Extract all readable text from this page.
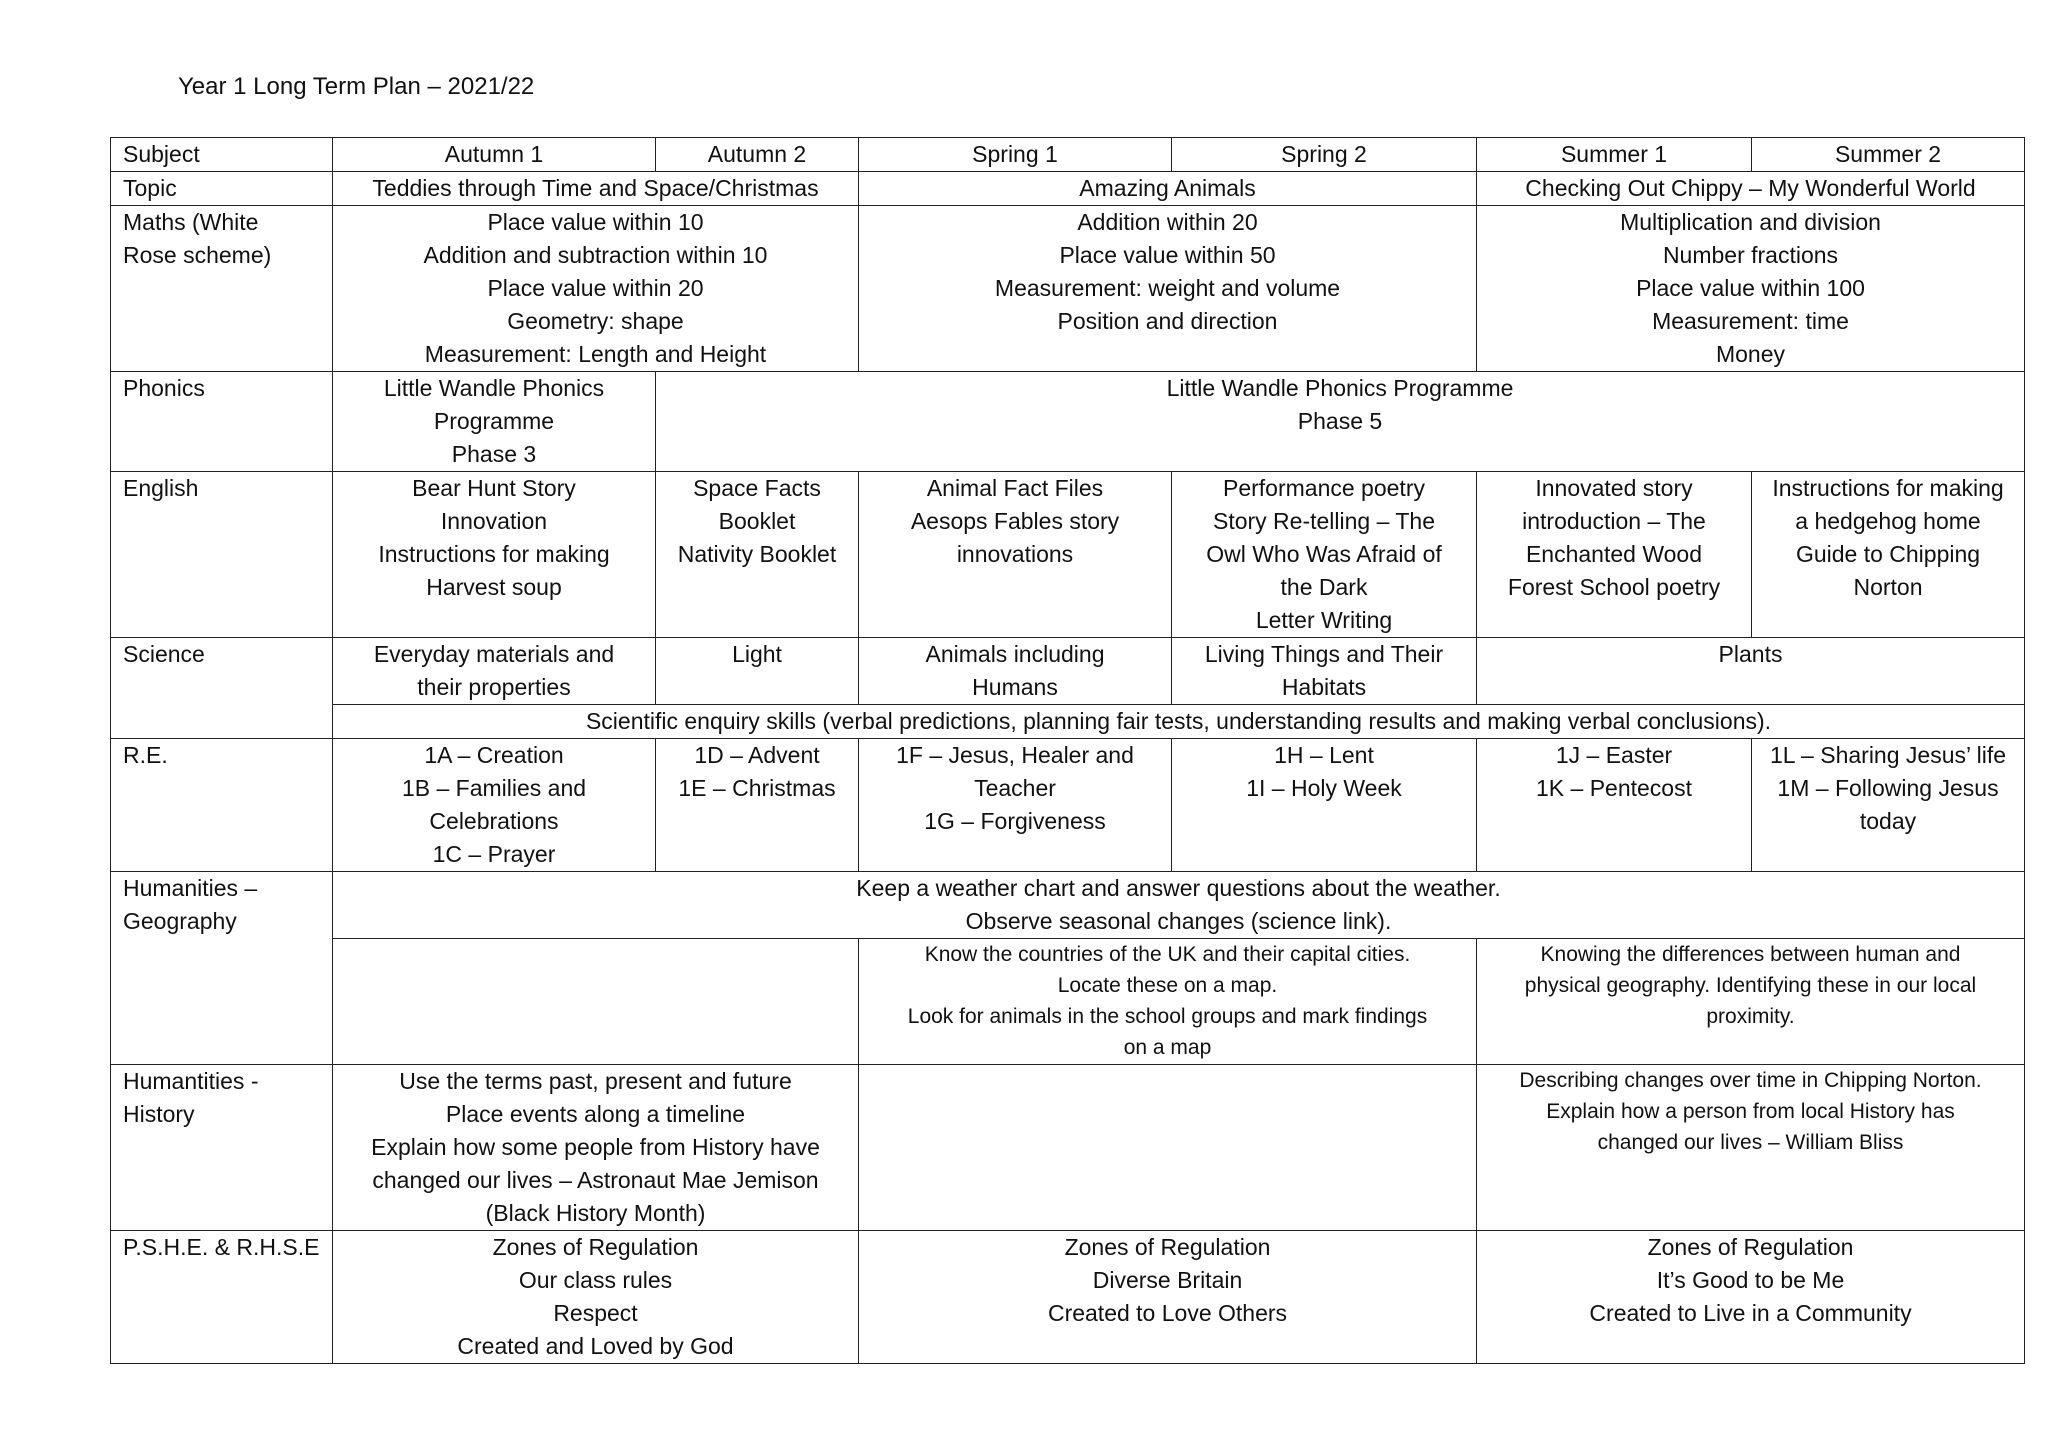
Year 1 Long Term Plan – 2021/22
Subject	Autumn 1	Autumn 2	Spring 1	Spring 2	Summer 1	Summer 2
Topic	Teddies through Time and Space/Christmas		Amazing Animals		Checking Out Chippy – My Wonderful World	

Maths (White
Rose scheme)	Place value within 10
Addition and subtraction within 10
Place value within 20
Geometry: shape
Measurement: Length and Height		Addition within 20
Place value within 50
Measurement: weight and volume
Position and direction		Multiplication and division
Number fractions
Place value within 100
Measurement: time
Money	

Phonics	Little Wandle Phonics
Programme
Phase 3	Little Wandle Phonics Programme
Phase 5				

English	Bear Hunt Story
Innovation
Instructions for making
Harvest soup	Space Facts
Booklet
Nativity Booklet	Animal Fact Files
Aesops Fables story
innovations	Performance poetry
Story Re-telling – The
Owl Who Was Afraid of
the Dark
Letter Writing	Innovated story
introduction – The
Enchanted Wood
Forest School poetry	Instructions for making
a hedgehog home
Guide to Chipping
Norton

Science	Everyday materials and
their properties	Light	Animals including
Humans	Living Things and Their
Habitats	Plants	

	Scientific enquiry skills (verbal predictions, planning fair tests, understanding results and making verbal conclusions).					

R.E.	1A – Creation
1B – Families and
Celebrations
1C – Prayer	1D – Advent
1E – Christmas	1F – Jesus, Healer and
Teacher
1G – Forgiveness	1H – Lent
1I – Holy Week	1J – Easter
1K – Pentecost	1L – Sharing Jesus’ life
1M – Following Jesus
today

Humanities –
Geography	Keep a weather chart and answer questions about the weather.
Observe seasonal changes (science link).					

			Know the countries of the UK and their capital cities.
Locate these on a map.
Look for animals in the school groups and mark findings
on a map		Knowing the differences between human and
physical geography. Identifying these in our local
proximity.	

Humantities -
History	Use the terms past, present and future
Place events along a timeline
Explain how some people from History have
changed our lives – Astronaut Mae Jemison
(Black History Month)				Describing changes over time in Chipping Norton.
Explain how a person from local History has
changed our lives – William Bliss	

P.S.H.E. & R.H.S.E	Zones of Regulation
Our class rules
Respect
Created and Loved by God		Zones of Regulation
Diverse Britain
Created to Love Others		Zones of Regulation
It’s Good to be Me
Created to Live in a Community	
